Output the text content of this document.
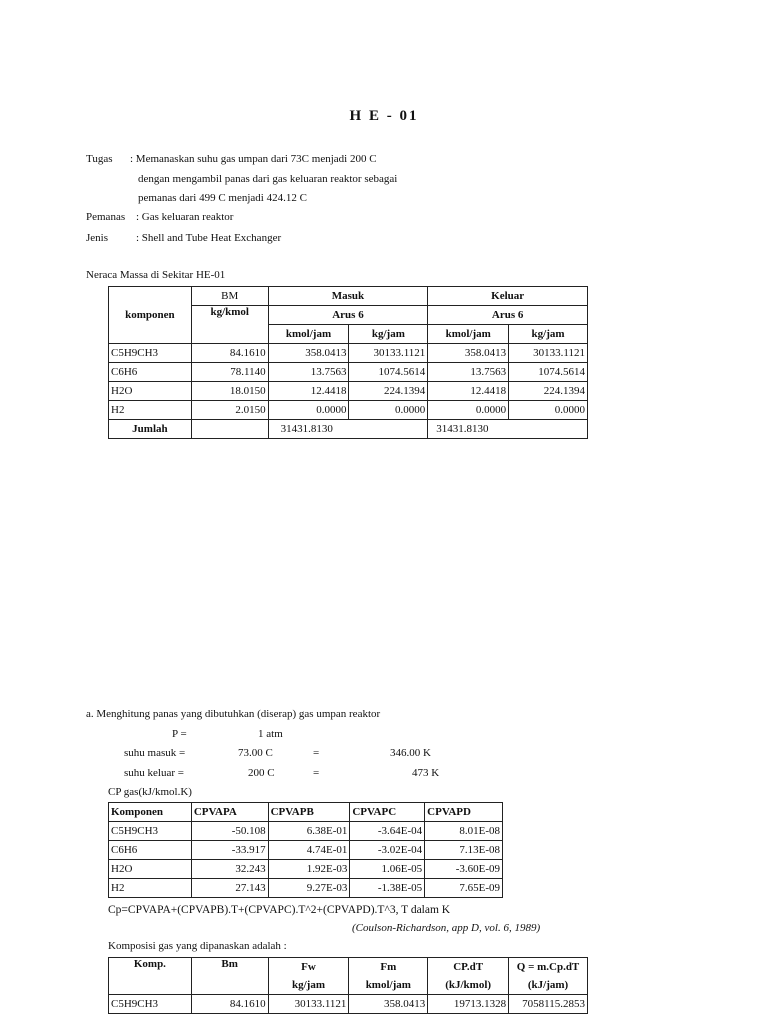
H E - 01
Tugas : Memanaskan suhu gas umpan dari 73C menjadi 200 C
dengan mengambil panas dari gas keluaran reaktor sebagai
pemanas dari 499 C menjadi 424.12 C
Pemanas : Gas keluaran reaktor
Jenis	: Shell and Tube Heat Exchanger
Neraca Massa di Sekitar HE-01
komponen	BM	Masuk		Keluar	
	kg/kmol	Arus 6		Arus 6	
		kmol/jam	kg/jam	kmol/jam	kg/jam
C5H9CH3	84.1610	358.0413	30133.1121	358.0413	30133.1121
C6H6	78.1140	13.7563	1074.5614	13.7563	1074.5614
H2O	18.0150	12.4418	224.1394	12.4418	224.1394
H2	2.0150	0.0000	0.0000	0.0000	0.0000
Jumlah		31431.8130		31431.8130	
a. Menghitung panas yang dibutuhkan (diserap) gas umpan reaktor
P =	1 atm
suhu masuk =	73.00 C	=	346.00 K
suhu keluar =	200 C	=	473 K
CP gas(kJ/kmol.K)
Komponen	CPVAPA	CPVAPB	CPVAPC	CPVAPD
C5H9CH3	-50.108	6.38E-01	-3.64E-04	8.01E-08
C6H6	-33.917	4.74E-01	-3.02E-04	7.13E-08
H2O	32.243	1.92E-03	1.06E-05	-3.60E-09
H2	27.143	9.27E-03	-1.38E-05	7.65E-09
Cp=CPVAPA+(CPVAPB).T+(CPVAPC).T^2+(CPVAPD).T^3, T dalam K
(Coulson-Richardson, app D, vol. 6, 1989)
Komposisi gas yang dipanaskan adalah :
Komp.	Bm	Fw	Fm	CP.dT	Q = m.Cp.dT
		kg/jam	kmol/jam	(kJ/kmol)	(kJ/jam)
C5H9CH3	84.1610	30133.1121	358.0413	19713.1328	7058115.2853
